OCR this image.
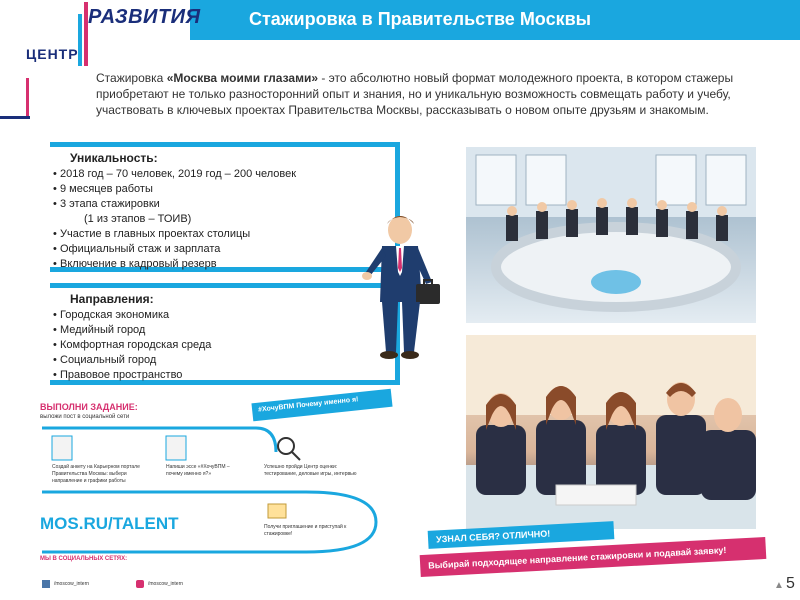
РАЗВИТИЯ
ЦЕНТР
Стажировка в Правительстве Москвы

Стажировка «Москва моими глазами» - это абсолютно новый формат молодежного проекта, в котором стажеры приобретают не только разносторонний опыт и знания, но и уникальную возможность совмещать работу и учебу, участвовать в ключевых проектах Правительства Москвы, рассказывать о новом опыте друзьям и знакомым.

Уникальность:
• 2018 год – 70 человек, 2019 год – 200 человек
• 9 месяцев работы
• 3 этапа стажировки
(1 из этапов – ТОИВ)
• Участие в главных проектах столицы
• Официальный стаж и зарплата
• Включение в кадровый резерв
Направления:
• Городская экономика
• Медийный город
• Комфортная городская среда
• Социальный город
• Правовое пространство
ВЫПОЛНИ ЗАДАНИЕ:
выложи пост в социальной сети
#ХочуВПМ Почему именно я!
Создай анкету на Карьерном портале Правительства Москвы: выбери направление и графики работы
Напиши эссе «#ХочуВПМ – почему именно я?»
Успешно пройди Центр оценки: тестирование, деловые игры, интервью
Получи приглашение и приступай к стажировке!
MOS.RU/TALENT
МЫ В СОЦИАЛЬНЫХ СЕТЯХ:
/moscow_intern	/moscow_intern
УЗНАЛ СЕБЯ? ОТЛИЧНО!
Выбирай подходящее направление стажировки и подавай заявку!
▲ 5
